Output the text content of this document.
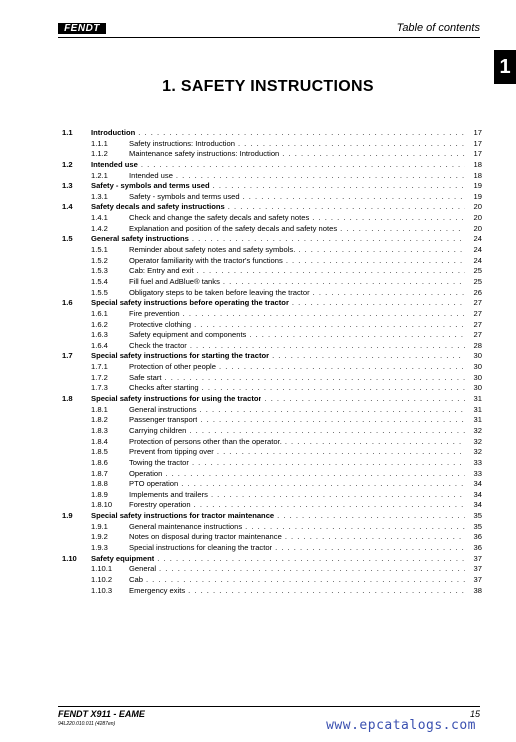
FENDT	Table of contents
1
1. SAFETY INSTRUCTIONS
1.1	Introduction . . .	17
1.1.1	Safety instructions: Introduction . . .	17
1.1.2	Maintenance safety instructions: Introduction . . .	17
1.2	Intended use . . .	18
1.2.1	Intended use . . .	18
1.3	Safety - symbols and terms used . . .	19
1.3.1	Safety - symbols and terms used . . .	19
1.4	Safety decals and safety instructions . . .	20
1.4.1	Check and change the safety decals and safety notes . . .	20
1.4.2	Explanation and position of the safety decals and safety notes . . .	20
1.5	General safety instructions . . .	24
1.5.1	Reminder about safety notes and safety symbols. . . .	24
1.5.2	Operator familiarity with the tractor's functions . . .	24
1.5.3	Cab: Entry and exit . . .	25
1.5.4	Fill fuel and AdBlue® tanks . . .	25
1.5.5	Obligatory steps to be taken before leaving the tractor . . .	26
1.6	Special safety instructions before operating the tractor . . .	27
1.6.1	Fire prevention . . .	27
1.6.2	Protective clothing . . .	27
1.6.3	Safety equipment and components . . .	27
1.6.4	Check the tractor . . .	28
1.7	Special safety instructions for starting the tractor . . .	30
1.7.1	Protection of other people . . .	30
1.7.2	Safe start . . .	30
1.7.3	Checks after starting . . .	30
1.8	Special safety instructions for using the tractor . . .	31
1.8.1	General instructions . . .	31
1.8.2	Passenger transport . . .	31
1.8.3	Carrying children . . .	32
1.8.4	Protection of persons other than the operator. . . .	32
1.8.5	Prevent from tipping over . . .	32
1.8.6	Towing the tractor . . .	33
1.8.7	Operation . . .	33
1.8.8	PTO operation . . .	34
1.8.9	Implements and trailers . . .	34
1.8.10	Forestry operation . . .	34
1.9	Special safety instructions for tractor maintenance . . .	35
1.9.1	General maintenance instructions . . .	35
1.9.2	Notes on disposal during tractor maintenance . . .	36
1.9.3	Special instructions for cleaning the tractor . . .	36
1.10	Safety equipment . . .	37
1.10.1	General . . .	37
1.10.2	Cab . . .	37
1.10.3	Emergency exits . . .	38
FENDT X911 - EAME
94L220.010.011 (4287en)
15
www.epcatalogs.com
